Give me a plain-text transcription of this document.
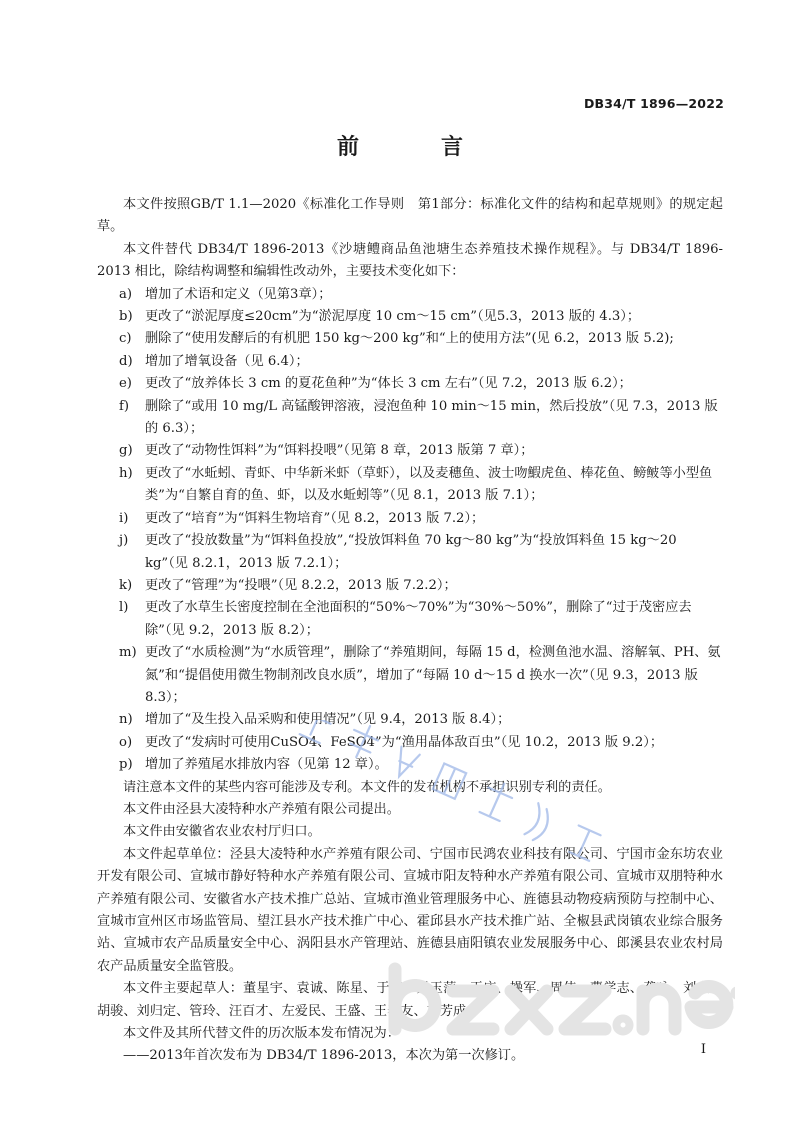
DB34/T 1896—2022
前　言

本文件按照GB/T 1.1—2020《标准化工作导则　第1部分：标准化文件的结构和起草规则》的规定起草。

本文件替代 DB34/T 1896-2013《沙塘鳢商品鱼池塘生态养殖技术操作规程》。与 DB34/T 1896-2013 相比，除结构调整和编辑性改动外，主要技术变化如下：

a) 增加了术语和定义（见第3章）；
b) 更改了“淤泥厚度≤20cm”为“淤泥厚度 10 cm～15 cm”（见5.3，2013 版的 4.3）；
c)	删除了“使用发酵后的有机肥 150 kg～200 kg”和“上的使用方法”(见 6.2，2013 版 5.2);
d) 增加了增氧设备（见 6.4）；
e) 更改了“放养体长 3 cm 的夏花鱼种”为“体长 3 cm 左右”（见 7.2，2013 版 6.2）；
f)	删除了“或用 10 mg/L 高锰酸钾溶液，浸泡鱼种 10 min～15 min，然后投放”（见 7.3，2013 版的 6.3）；
g) 更改了“动物性饵料”为“饵料投喂”（见第 8 章，2013 版第 7 章）；
h) 更改了“水蚯蚓、青虾、中华新米虾（草虾），以及麦穗鱼、波士吻鰕虎鱼、棒花鱼、鳑鲏等小型鱼类”为“自繁自育的鱼、虾，以及水蚯蚓等”（见 8.1，2013 版 7.1）；
i)	更改了“培育”为“饵料生物培育”（见 8.2，2013 版 7.2）；
j)	更改了“投放数量”为“饵料鱼投放”,“投放饵料鱼 70 kg～80 kg”为“投放饵料鱼 15 kg～20 kg”（见 8.2.1，2013 版 7.2.1）；
k) 更改了“管理”为“投喂”（见 8.2.2，2013 版 7.2.2）；
l)	更改了水草生长密度控制在全池面积的“50%～70%”为“30%～50%”，删除了“过于茂密应去除”（见 9.2，2013 版 8.2）；
m) 更改了“水质检测”为“水质管理”，删除了“养殖期间，每隔 15 d，检测鱼池水温、溶解氧、PH、氨氮”和“提倡使用微生物制剂改良水质”，增加了“每隔 10 d～15 d 换水一次”（见 9.3，2013 版 8.3）；
n) 增加了“及生投入品采购和使用情况”（见 9.4，2013 版 8.4）；
o) 更改了“发病时可使用CuSO4、FeSO4”为“渔用晶体敌百虫”（见 10.2，2013 版 9.2）；
p) 增加了养殖尾水排放内容（见第 12 章）。

请注意本文件的某些内容可能涉及专利。本文件的发布机构不承担识别专利的责任。

本文件由泾县大凌特种水产养殖有限公司提出。

本文件由安徽省农业农村厅归口。

本文件起草单位：泾县大凌特种水产养殖有限公司、宁国市民鸿农业科技有限公司、宁国市金东坊农业开发有限公司、宣城市静好特种水产养殖有限公司、宣城市阳友特种水产养殖有限公司、宣城市双朋特种水产养殖有限公司、安徽省水产技术推广总站、宣城市渔业管理服务中心、旌德县动物疫病预防与控制中心、宣城市宣州区市场监管局、望江县水产技术推广中心、霍邱县水产技术推广站、全椒县武岗镇农业综合服务站、宣城市农产品质量安全中心、涡阳县水产管理站、旌德县庙阳镇农业发展服务中心、郎溪县农业农村局农产品质量安全监管股。

本文件主要起草人：董星宇、袁诚、陈星、于旭、吴玉萍、王庆、操军、周伟、曹学志、龚咏、刘杰、胡骏、刘归定、管玲、汪百才、左爱民、王盛、王春友、胡芳成。

本文件及其所代替文件的历次版本发布情况为：

——2013年首次发布为 DB34/T 1896-2013，本次为第一次修订。	I
